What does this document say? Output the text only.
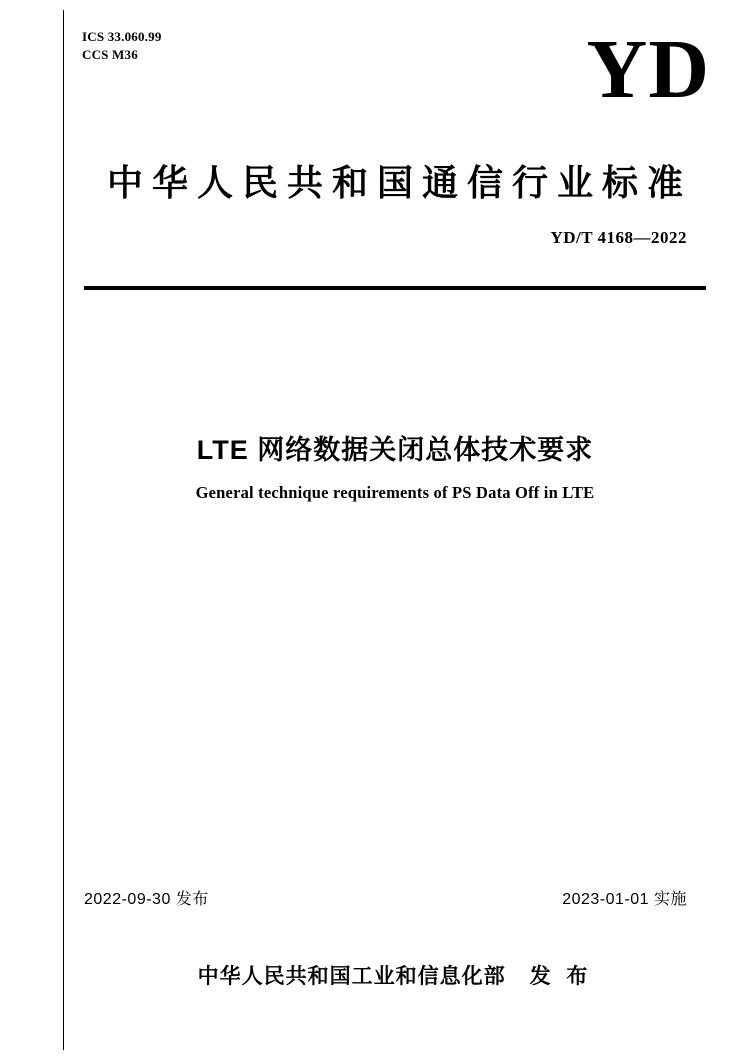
ICS 33.060.99
CCS M36	YD
中华人民共和国通信行业标准
YD/T 4168—2022
LTE 网络数据关闭总体技术要求
General technique requirements of PS Data Off in LTE
2022-09-30 发布	2023-01-01 实施
中华人民共和国工业和信息化部 发 布
